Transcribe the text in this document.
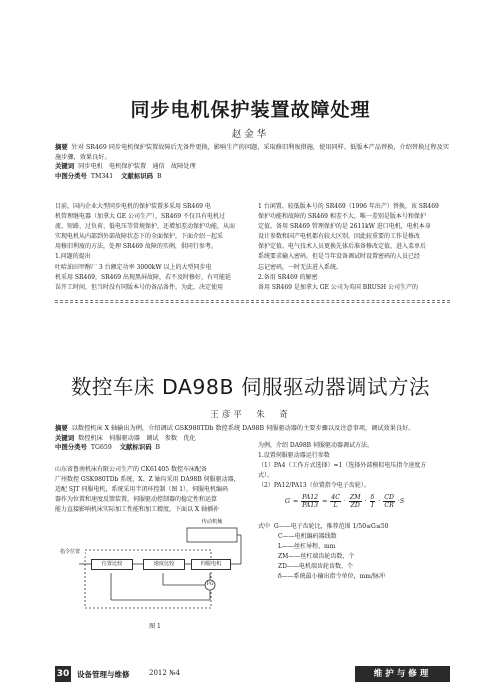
同步电机保护装置故障处理
赵金华
摘要 针对 SR469 同步电机保护装置故障后无备件更换，影响生产的问题，采取修旧利废措施，使用同样、低版本产品替换，介绍替换过程及实施步骤，效果良好。
关键词 同步电机　电机保护装置　通信　故障处理
中图分类号 TM341 文献标识码 B
目前，国内企业大型同步电机的保护装置多采用 SR469 电
机管理继电器（加拿大 GE 公司生产），SR469 不仅具有电机过
流、短路、过负荷、低电压等常规保护，还增加差动保护功能，从而
实现电机从内部到外部故障状态下的全面保护，下面介绍一起采
用修旧利废的方法，处理 SR469 故障的实例，供同行参考。
1.问题的提出
吐哈油田甲醇厂 3 台额定功率 3000kW 以上的大型同步电
机采用 SR469，SR469 出现黑屏故障，若不及时修好，有可能延
误开工时间，但当时没有同版本号的备品备件。为此，决定使用
1 台闲置、较低版本号的 SR469（1996 年出产）替换，该 SR469
保护功能和故障的 SR469 相差不大，唯一差别是版本号和保护
定值。备用 SR469 管理保护的是 2611kW 进口电机，电机本身
设计参数和国产电机都有较大区别。因此较重要的工作是修改
保护定值。电气技术人员更换先体后准备修改定值，进入菜单后
系统要求输入密码，但是当年设备调试时设置密码的人员已经
忘记密码，一时无法进入系统。
2.备用 SR469 的解密
备用 SR469 是加拿大 GE 公司为英国 BRUSH 公司生产的
数控车床 DA98B 伺服驱动器调试方法
王彦平　朱　奇
摘要 以数控机床 X 轴输出为例，介绍调试 GSK980TDb 数控系统 DA98B 伺服驱动器的主要步骤以及注意事项，调试效果良好。
关键词 数控机床　伺服驱动器　调试　参数　优化
中图分类号 TG659 文献标识码 B
山东省鲁南机床有限公司生产的 CK61405 数控车床配备
广州数控 GSK980TDb 系统，X、Z 轴均采用 DA98B 伺服驱动器，
适配 SJT 伺服电机，系统采用半闭环控制（图 1），伺服电机编码
器作为位置和速度反馈装置。伺服驱动控制器的稳定性和运算
能力直接影响机床实际加工性能和加工精度，下面以 X 轴插补
传动机械
指令位置
位置比较	速度比较	伺服电机
PG
图 1
为例，介绍 DA98B 伺服驱动器调试方法。
1.设置伺服驱动器运行参数
（1）PA4（工作方式选择）=1（选择外部模拟电压指令速度方
式）。
（2）PA12/PA13（位置指令电子齿轮）。
$G = \frac{PA12}{PA13} = \frac{4C}{L}$ ·
ZM
ZD
·
δ
I
·
CD
CR
·S
式中 G——电子齿轮比，推荐范围 1/50≤G≤50
C——电机编码器线数
L——丝杠导程，mm
ZM——丝杠端齿轮齿数，个
ZD——电机端齿轮齿数，个
δ——系统最小输出指令单位，mm/脉冲
30 设备管理与维修	2012 №4	维护与修理
